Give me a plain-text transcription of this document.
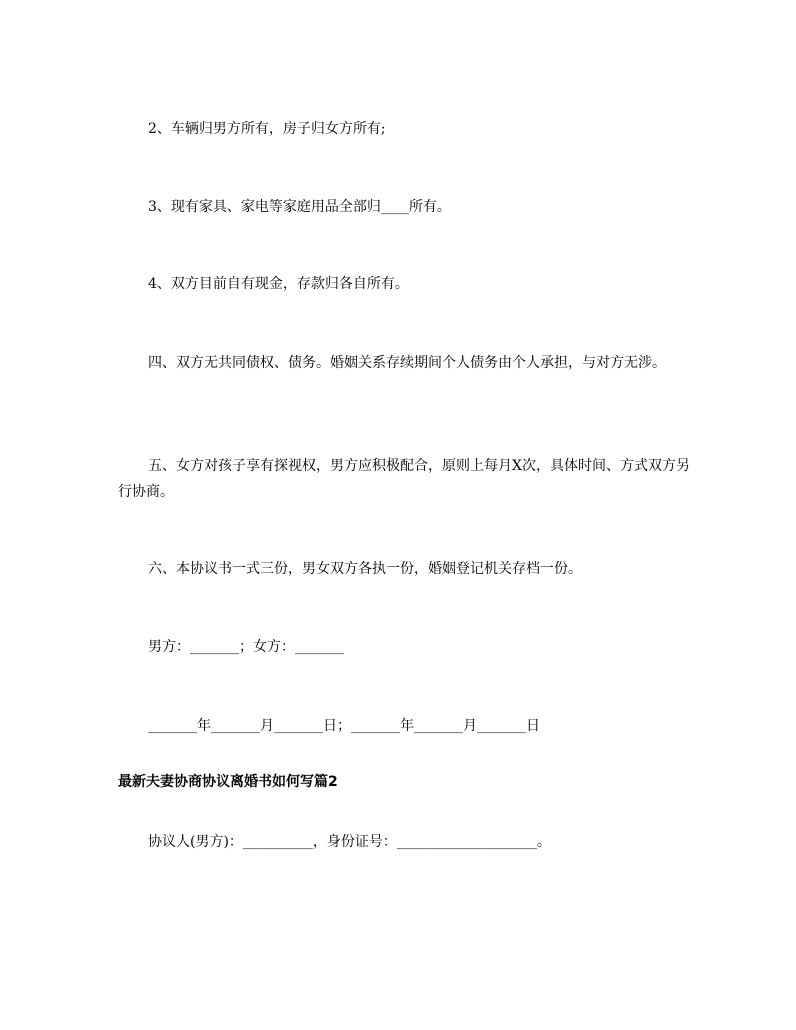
2、车辆归男方所有，房子归女方所有;

3、现有家具、家电等家庭用品全部归____所有。

4、双方目前自有现金，存款归各自所有。

四、双方无共同债权、债务。婚姻关系存续期间个人债务由个人承担，与对方无涉。

五、女方对孩子享有探视权，男方应积极配合，原则上每月X次，具体时间、方式双方另行协商。

六、本协议书一式三份，男女双方各执一份，婚姻登记机关存档一份。

男方：_______；女方：_______

_______年_______月_______日；_______年_______月_______日

最新夫妻协商协议离婚书如何写篇2

协议人(男方)：__________，身份证号：____________________。
